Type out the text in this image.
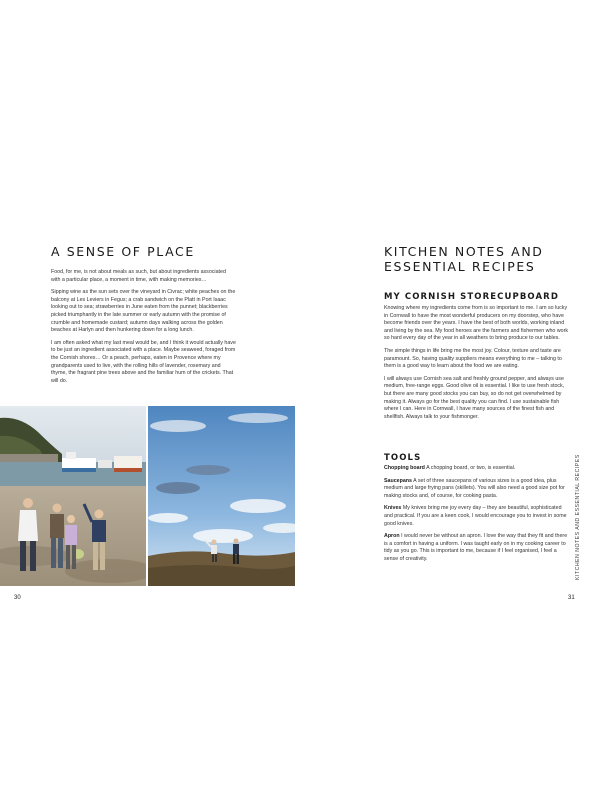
A SENSE OF PLACE

Food, for me, is not about meals as such, but about ingredients associated with a particular place, a moment in time, with making memories…

Sipping wine as the sun sets over the vineyard in Civrac; white peaches on the balcony at Les Leviers in Fegus; a crab sandwich on the Platt in Port Isaac looking out to sea; strawberries in June eaten from the punnet; blackberries picked triumphantly in the late summer or early autumn with the promise of crumble and homemade custard; autumn days walking across the golden beaches at Harlyn and then hunkering down for a long lunch.

I am often asked what my last meal would be, and I think it would actually have to be just an ingredient associated with a place. Maybe seaweed, foraged from the Cornish shores… Or a peach, perhaps, eaten in Provence where my grandparents used to live, with the rolling hills of lavender, rosemary and thyme, the fragrant pine trees above and the familiar hum of the crickets. That will do.

30
KITCHEN NOTES AND
ESSENTIAL RECIPES
MY CORNISH STORECUPBOARD

Knowing where my ingredients come from is so important to me. I am so lucky in Cornwall to have the most wonderful producers on my doorstep, who have become friends over the years. I have the best of both worlds, working inland and living by the sea. My food heroes are the farmers and fishermen who work so hard every day of the year in all weathers to bring produce to our tables.

The simple things in life bring me the most joy. Colour, texture and taste are paramount. So, having quality suppliers means everything to me – talking to them is a good way to learn about the food we are eating.

I will always use Cornish sea salt and freshly ground pepper, and always use medium, free-range eggs. Good olive oil is essential. I like to use fresh stock, but there are many good stocks you can buy, so do not get overwhelmed by making it. Always go for the best quality you can find. I use sustainable fish where I can. Here in Cornwall, I have many sources of the finest fish and shellfish. Always talk to your fishmonger.

TOOLS

Chopping board A chopping board, or two, is essential.

Saucepans A set of three saucepans of various sizes is a good idea, plus medium and large frying pans (skillets). You will also need a good size pot for making stocks and, of course, for cooking pasta.

Knives My knives bring me joy every day – they are beautiful, sophisticated and practical. If you are a keen cook, I would encourage you to invest in some good knives.

Apron I would never be without an apron. I love the way that they fit and there is a comfort in having a uniform. I was taught early on in my cooking career to tidy as you go. This is important to me, because if I feel organised, I feel a sense of creativity.	KITCHEN NOTES AND ESSENTIAL RECIPES
31
